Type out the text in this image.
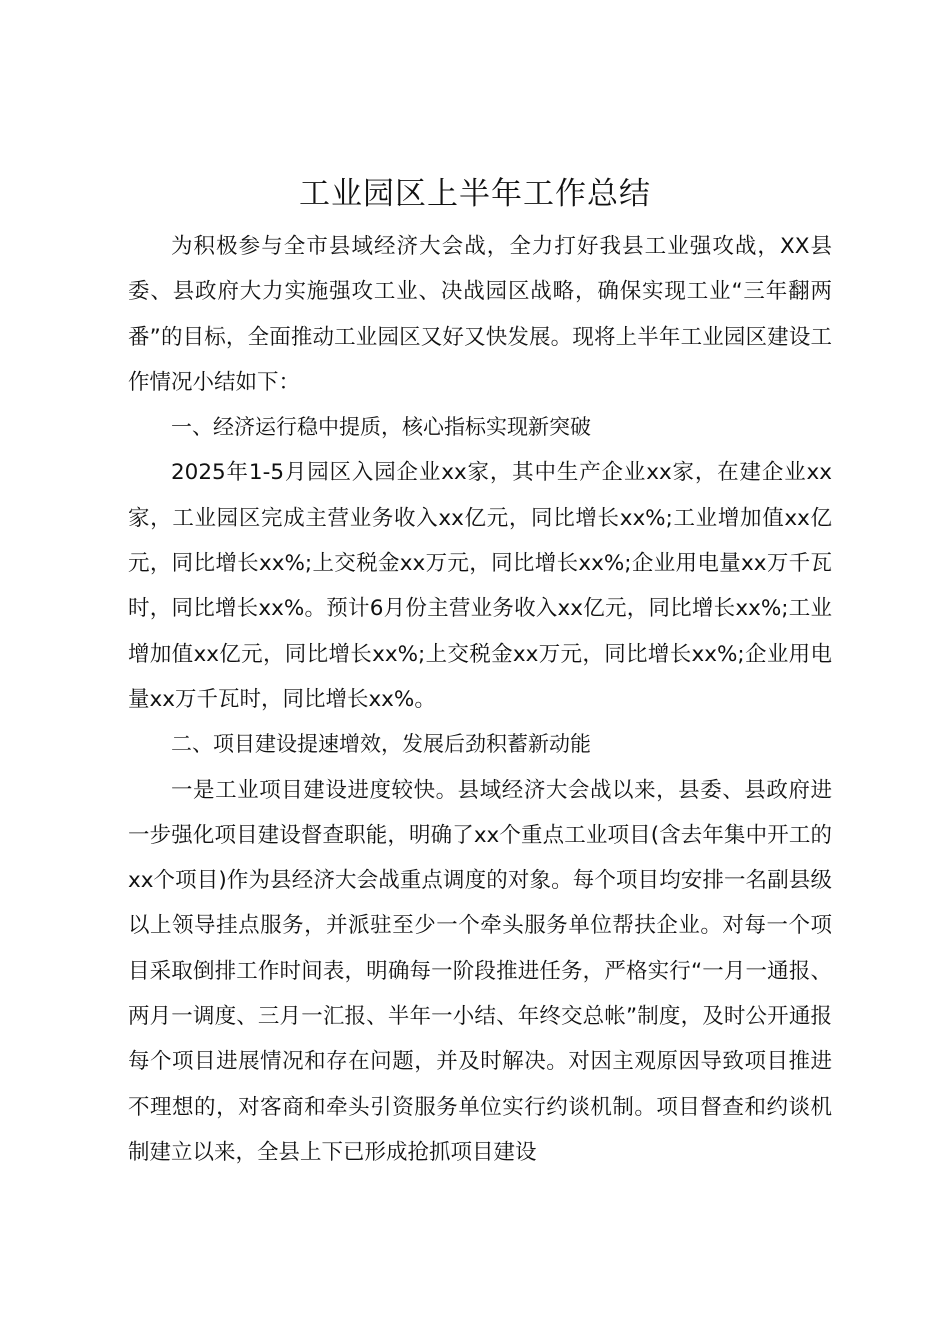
工业园区上半年工作总结

为积极参与全市县域经济大会战，全力打好我县工业强攻战，XX县委、县政府大力实施强攻工业、决战园区战略，确保实现工业“三年翻两番”的目标，全面推动工业园区又好又快发展。现将上半年工业园区建设工作情况小结如下：

一、经济运行稳中提质，核心指标实现新突破

2025年1-5月园区入园企业xx家，其中生产企业xx家，在建企业xx家，工业园区完成主营业务收入xx亿元，同比增长xx%;工业增加值xx亿元，同比增长xx%;上交税金xx万元，同比增长xx%;企业用电量xx万千瓦时，同比增长xx%。预计6月份主营业务收入xx亿元，同比增长xx%;工业增加值xx亿元，同比增长xx%;上交税金xx万元，同比增长xx%;企业用电量xx万千瓦时，同比增长xx%。

二、项目建设提速增效，发展后劲积蓄新动能

一是工业项目建设进度较快。县域经济大会战以来，县委、县政府进一步强化项目建设督查职能，明确了xx个重点工业项目(含去年集中开工的xx个项目)作为县经济大会战重点调度的对象。每个项目均安排一名副县级以上领导挂点服务，并派驻至少一个牵头服务单位帮扶企业。对每一个项目采取倒排工作时间表，明确每一阶段推进任务，严格实行“一月一通报、两月一调度、三月一汇报、半年一小结、年终交总帐”制度，及时公开通报每个项目进展情况和存在问题，并及时解决。对因主观原因导致项目推进不理想的，对客商和牵头引资服务单位实行约谈机制。项目督查和约谈机制建立以来，全县上下已形成抢抓项目建设
